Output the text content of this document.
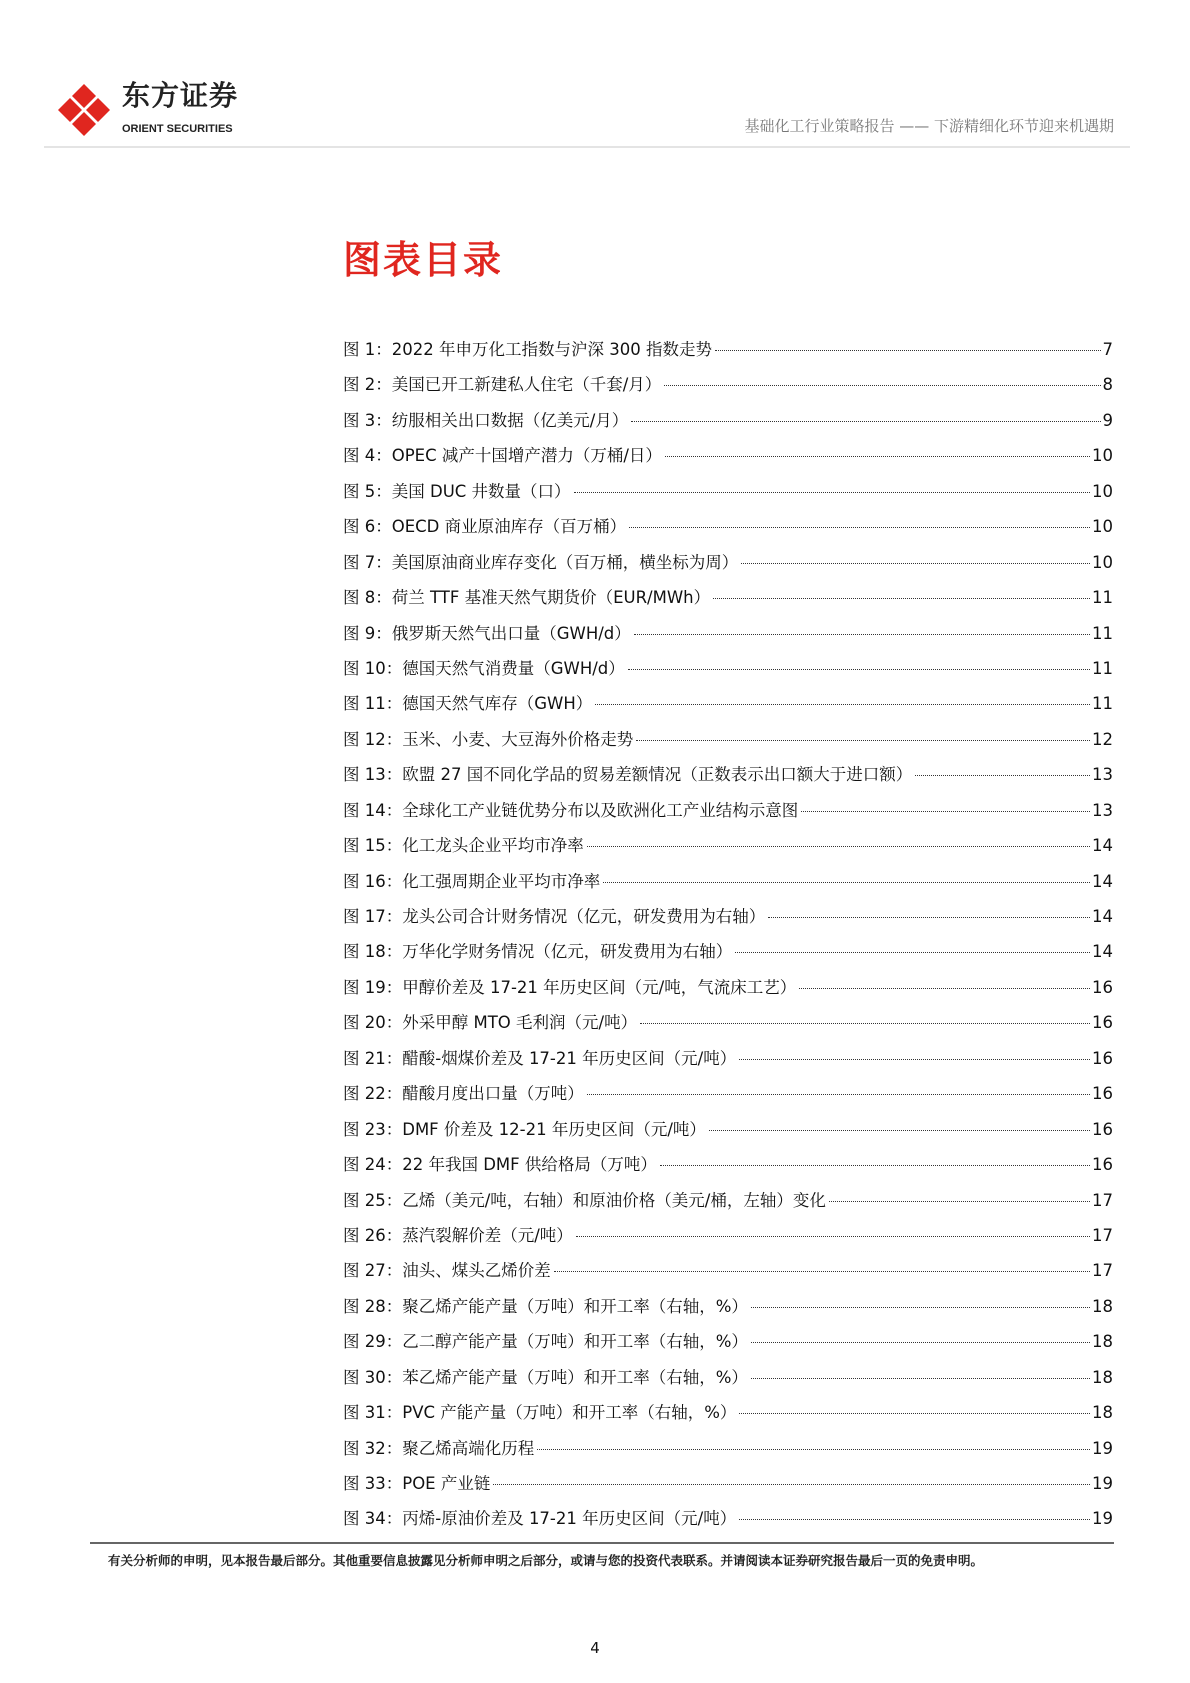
东方证券
ORIENT SECURITIES	基础化工行业策略报告 —— 下游精细化环节迎来机遇期
图表目录
图 1：2022 年申万化工指数与沪深 300 指数走势	7
图 2：美国已开工新建私人住宅（千套/月）	8
图 3：纺服相关出口数据（亿美元/月）	9
图 4：OPEC 减产十国增产潜力（万桶/日）	10
图 5：美国 DUC 井数量（口）	10
图 6：OECD 商业原油库存（百万桶）	10
图 7：美国原油商业库存变化（百万桶，横坐标为周）	10
图 8：荷兰 TTF 基准天然气期货价（EUR/MWh）	11
图 9：俄罗斯天然气出口量（GWH/d）	11
图 10：德国天然气消费量（GWH/d）	11
图 11：德国天然气库存（GWH）	11
图 12：玉米、小麦、大豆海外价格走势	12
图 13：欧盟 27 国不同化学品的贸易差额情况（正数表示出口额大于进口额）	13
图 14：全球化工产业链优势分布以及欧洲化工产业结构示意图	13
图 15：化工龙头企业平均市净率	14
图 16：化工强周期企业平均市净率	14
图 17：龙头公司合计财务情况（亿元，研发费用为右轴）	14
图 18：万华化学财务情况（亿元，研发费用为右轴）	14
图 19：甲醇价差及 17-21 年历史区间（元/吨，气流床工艺）	16
图 20：外采甲醇 MTO 毛利润（元/吨）	16
图 21：醋酸-烟煤价差及 17-21 年历史区间（元/吨）	16
图 22：醋酸月度出口量（万吨）	16
图 23：DMF 价差及 12-21 年历史区间（元/吨）	16
图 24：22 年我国 DMF 供给格局（万吨）	16
图 25：乙烯（美元/吨，右轴）和原油价格（美元/桶，左轴）变化	17
图 26：蒸汽裂解价差（元/吨）	17
图 27：油头、煤头乙烯价差	17
图 28：聚乙烯产能产量（万吨）和开工率（右轴，%）	18
图 29：乙二醇产能产量（万吨）和开工率（右轴，%）	18
图 30：苯乙烯产能产量（万吨）和开工率（右轴，%）	18
图 31：PVC 产能产量（万吨）和开工率（右轴，%）	18
图 32：聚乙烯高端化历程	19
图 33：POE 产业链	19
图 34：丙烯-原油价差及 17-21 年历史区间（元/吨）	19
有关分析师的申明，见本报告最后部分。其他重要信息披露见分析师申明之后部分，或请与您的投资代表联系。并请阅读本证券研究报告最后一页的免责申明。
4
